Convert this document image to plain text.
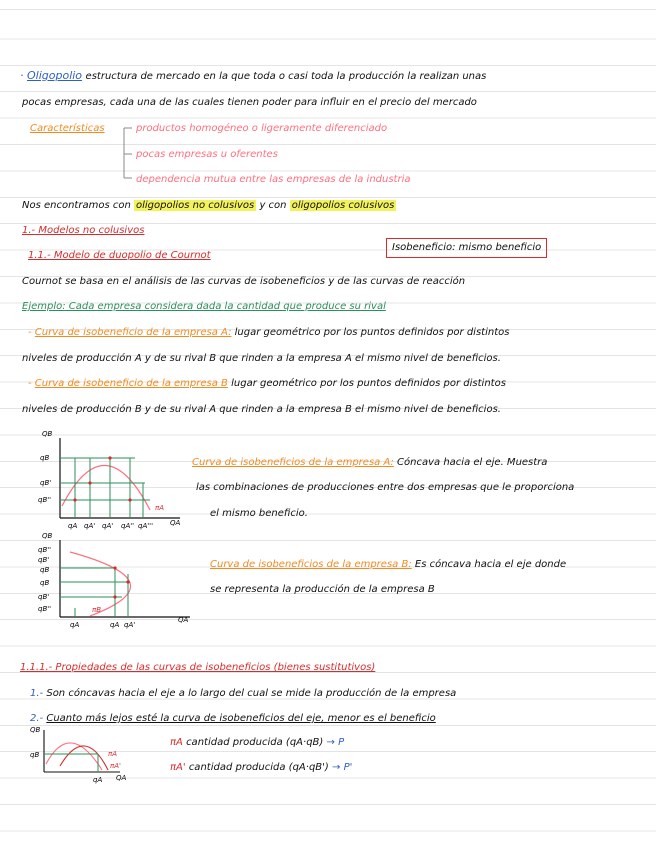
· Oligopolio estructura de mercado en la que toda o casi toda la producción la realizan unas
pocas empresas, cada una de las cuales tienen poder para influir en el precio del mercado
Características	productos homogéneo o ligeramente diferenciado
pocas empresas u oferentes
dependencia mutua entre las empresas de la industria
Nos encontramos con oligopolios no colusivos y con oligopolios colusivos
1.- Modelos no colusivos
1.1.- Modelo de duopolio de Cournot
Isobeneficio: mismo beneficio
Cournot se basa en el análisis de las curvas de isobeneficios y de las curvas de reacción
Ejemplo: Cada empresa considera dada la cantidad que produce su rival
- Curva de isobeneficio de la empresa A: lugar geométrico por los puntos definidos por distintos
niveles de producción A y de su rival B que rinden a la empresa A el mismo nivel de beneficios.
- Curva de isobeneficio de la empresa B lugar geométrico por los puntos definidos por distintos
niveles de producción B y de su rival A que rinden a la empresa B el mismo nivel de beneficios.
QB
QA
πA
qB
qB'
qB''
qA qA' qA' qA'' qA'''
Curva de isobeneficios de la empresa A: Cóncava hacia el eje. Muestra
las combinaciones de producciones entre dos empresas que le proporciona
el mismo beneficio.
QB
QA
πB
qB''
qB'
qB
qB
qB'
qB''
qA	qA qA'
Curva de isobeneficios de la empresa B: Es cóncava hacia el eje donde
se representa la producción de la empresa B
1.1.1.- Propiedades de las curvas de isobeneficios (bienes sustitutivos)
1.- Son cóncavas hacia el eje a lo largo del cual se mide la producción de la empresa
2.- Cuanto más lejos esté la curva de isobeneficios del eje, menor es el beneficio
QB
QA
qB
qA
πA
πA'
πA cantidad producida (qA·qB) → P
πA' cantidad producida (qA·qB') → P'
